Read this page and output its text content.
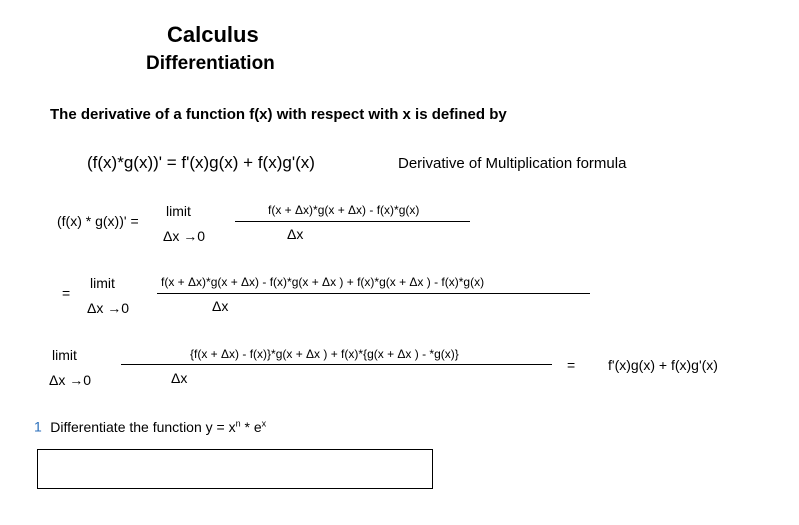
Calculus
Differentiation
The derivative of a function f(x) with respect with x is defined by
(f(x)*g(x))' = f'(x)g(x) + f(x)g'(x)	Derivative of Multiplication formula
(f(x) * g(x))' =
limit
Δx →0
f(x + Δx)*g(x + Δx) - f(x)*g(x)
Δx
=
limit
Δx →0
f(x + Δx)*g(x + Δx) - f(x)*g(x + Δx ) + f(x)*g(x + Δx ) - f(x)*g(x)
Δx
limit
Δx →0
{f(x + Δx) - f(x)}*g(x + Δx ) + f(x)*{g(x + Δx ) - *g(x)}
Δx
= f'(x)g(x) + f(x)g'(x)
1 Differentiate the function $y = x^n * e^x$
